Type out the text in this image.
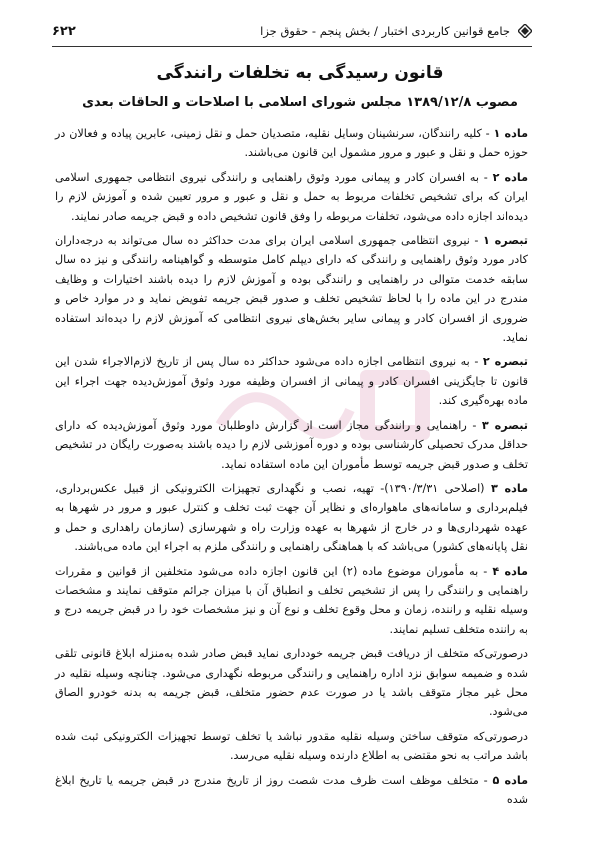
جامع قوانین کاربردی اختبار / بخش پنجم - حقوق جزا
۶۲۲
قانون رسیدگی به تخلفات رانندگی
مصوب ۱۳۸۹/۱۲/۸ مجلس شورای اسلامی با اصلاحات و الحاقات بعدی

ماده ۱ - کلیه رانندگان، سرنشینان وسایل نقلیه، متصدیان حمل و نقل زمینی، عابرین پیاده و فعالان در حوزه حمل و نقل و عبور و مرور مشمول این قانون می‌باشند.

ماده ۲ - به افسران کادر و پیمانی مورد وثوق راهنمایی و رانندگی نیروی انتظامی جمهوری اسلامی ایران که برای تشخیص تخلفات مربوط به حمل و نقل و عبور و مرور تعیین شده و آموزش لازم را دیده‌اند اجازه داده می‌شود، تخلفات مربوطه را وفق قانون تشخیص داده و قبض جریمه صادر نمایند.

تبصره ۱ - نیروی انتظامی جمهوری اسلامی ایران برای مدت حداکثر ده سال می‌تواند به درجه‌داران کادر مورد وثوق راهنمایی و رانندگی که دارای دیپلم کامل متوسطه و گواهینامه رانندگی و نیز ده سال سابقه خدمت متوالی در راهنمایی و رانندگی بوده و آموزش لازم را دیده باشند اختیارات و وظایف مندرج در این ماده را با لحاظ تشخیص تخلف و صدور قبض جریمه تفویض نماید و در موارد خاص و ضروری از افسران کادر و پیمانی سایر بخش‌های نیروی انتظامی که آموزش لازم را دیده‌اند استفاده نماید.

تبصره ۲ - به نیروی انتظامی اجازه داده می‌شود حداکثر ده سال پس از تاریخ لازم‌الاجراء شدن این قانون تا جایگزینی افسران کادر و پیمانی از افسران وظیفه مورد وثوق آموزش‌دیده جهت اجراء این ماده بهره‌گیری کند.

تبصره ۳ - راهنمایی و رانندگی مجاز است از گزارش داوطلبان مورد وثوق آموزش‌دیده که دارای حداقل مدرک تحصیلی کارشناسی بوده و دوره آموزشی لازم را دیده باشند به‌صورت رایگان در تشخیص تخلف و صدور قبض جریمه توسط مأموران این ماده استفاده نماید.

ماده ۳ (اصلاحی ۱۳۹۰/۳/۳۱)- تهیه، نصب و نگهداری تجهیزات الکترونیکی از قبیل عکس‌برداری، فیلم‌برداری و سامانه‌های ماهواره‌ای و نظایر آن جهت ثبت تخلف و کنترل عبور و مرور در شهرها به عهده شهرداری‌ها و در خارج از شهرها به عهده وزارت راه و شهرسازی (سازمان راهداری و حمل و نقل پایانه‌های کشور) می‌باشد که با هماهنگی راهنمایی و رانندگی ملزم به اجراء این ماده می‌باشند.

ماده ۴ - به مأموران موضوع ماده (۲) این قانون اجازه داده می‌شود متخلفین از قوانین و مقررات راهنمایی و رانندگی را پس از تشخیص تخلف و انطباق آن با میزان جرائم متوقف نمایند و مشخصات وسیله نقلیه و راننده، زمان و محل وقوع تخلف و نوع آن و نیز مشخصات خود را در قبض جریمه درج و به راننده متخلف تسلیم نمایند.

درصورتی‌که متخلف از دریافت قبض جریمه خودداری نماید قبض صادر شده به‌منزله ابلاغ قانونی تلقی شده و ضمیمه سوابق نزد اداره راهنمایی و رانندگی مربوطه نگهداری می‌شود. چنانچه وسیله نقلیه در محل غیر مجاز متوقف باشد یا در صورت عدم حضور متخلف، قبض جریمه به بدنه خودرو الصاق می‌شود.

درصورتی‌که متوقف ساختن وسیله نقلیه مقدور نباشد یا تخلف توسط تجهیزات الکترونیکی ثبت شده باشد مراتب به نحو مقتضی به اطلاع دارنده وسیله نقلیه می‌رسد.

ماده ۵ - متخلف موظف است ظرف مدت شصت روز از تاریخ مندرج در قبض جریمه یا تاریخ ابلاغ شده
